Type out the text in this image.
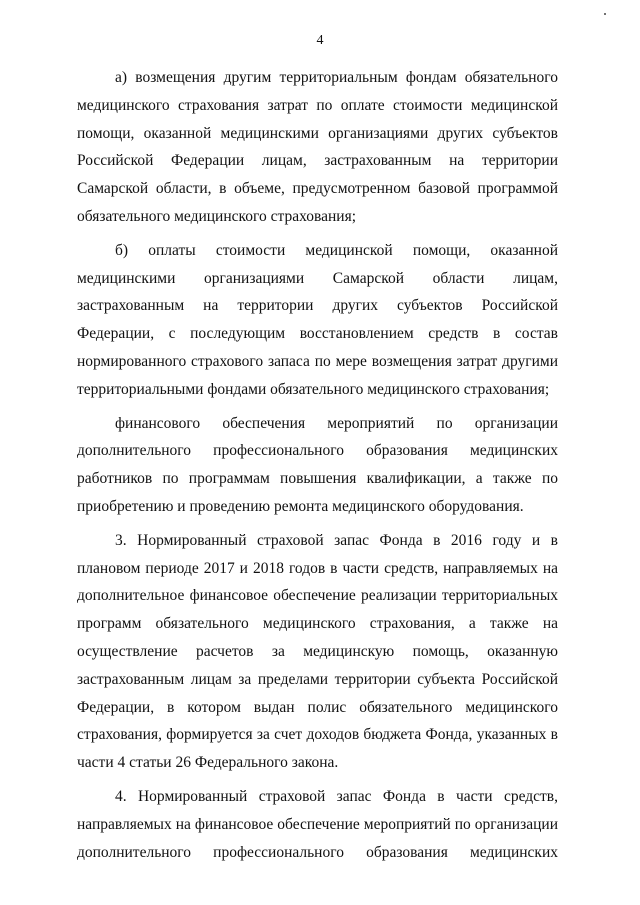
4

а) возмещения другим территориальным фондам обязательного медицинского страхования затрат по оплате стоимости медицинской помощи, оказанной медицинскими организациями других субъектов Российской Федерации лицам, застрахованным на территории Самарской области, в объеме, предусмотренном базовой программой обязательного медицинского страхования;

б) оплаты стоимости медицинской помощи, оказанной медицинскими организациями Самарской области лицам, застрахованным на территории других субъектов Российской Федерации, с последующим восстановлением средств в состав нормированного страхового запаса по мере возмещения затрат другими территориальными фондами обязательного медицинского страхования;

финансового обеспечения мероприятий по организации дополнительного профессионального образования медицинских работников по программам повышения квалификации, а также по приобретению и проведению ремонта медицинского оборудования.

3. Нормированный страховой запас Фонда в 2016 году и в плановом периоде 2017 и 2018 годов в части средств, направляемых на дополнительное финансовое обеспечение реализации территориальных программ обязательного медицинского страхования, а также на осуществление расчетов за медицинскую помощь, оказанную застрахованным лицам за пределами территории субъекта Российской Федерации, в котором выдан полис обязательного медицинского страхования, формируется за счет доходов бюджета Фонда, указанных в части 4 статьи 26 Федерального закона.

4. Нормированный страховой запас Фонда в части средств, направляемых на финансовое обеспечение мероприятий по организации дополнительного профессионального образования медицинских
